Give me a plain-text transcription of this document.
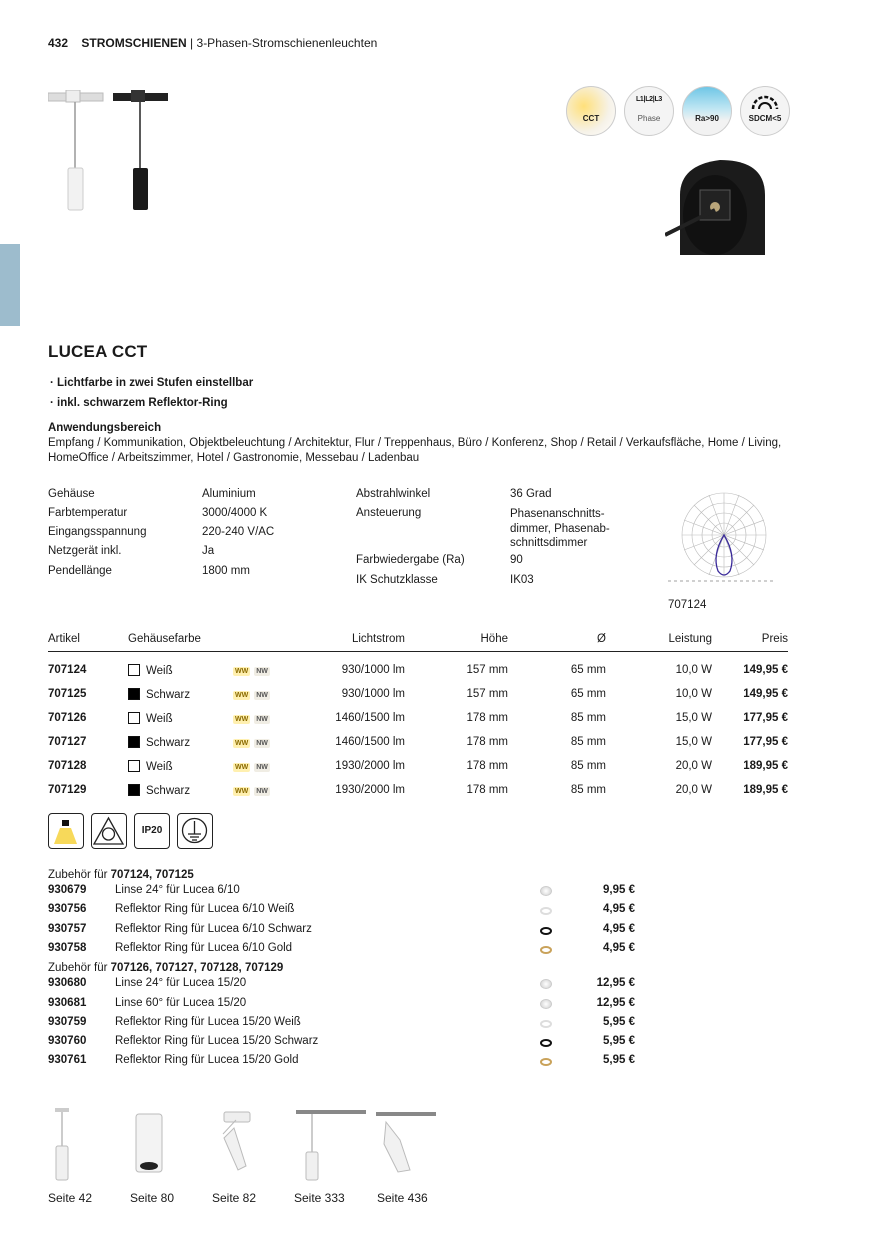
432 STROMSCHIENEN | 3-Phasen-Stromschienenleuchten
CCT
L1|L2|L3
Phase	Ra>90	SDCM<5
LUCEA CCT
· Lichtfarbe in zwei Stufen einstellbar
· inkl. schwarzem Reflektor-Ring
Anwendungsbereich
Empfang / Kommunikation, Objektbeleuchtung / Architektur, Flur / Treppenhaus, Büro / Konferenz, Shop / Retail / Verkaufsfläche, Home / Living, HomeOffice / Arbeitszimmer, Hotel / Gastronomie, Messebau / Ladenbau
Gehäuse	Aluminium
Farbtemperatur	3000/4000 K
Eingangsspannung	220-240 V/AC
Netzgerät inkl.	Ja
Pendellänge	1800 mm
Abstrahlwinkel	36 Grad
Ansteuerung	Phasenanschnitts-
dimmer, Phasenab-
schnittsdimmer
Farbwiedergabe (Ra)	90
IK Schutzklasse	IK03
707124
Artikel	Gehäusefarbe		Lichtstrom	Höhe	Ø	Leistung	Preis
707124	Weiß	WW NW	930/1000 lm	157 mm	65 mm	10,0 W	149,95 €
707125	Schwarz	WW NW	930/1000 lm	157 mm	65 mm	10,0 W	149,95 €
707126	Weiß	WW NW	1460/1500 lm	178 mm	85 mm	15,0 W	177,95 €
707127	Schwarz	WW NW	1460/1500 lm	178 mm	85 mm	15,0 W	177,95 €
707128	Weiß	WW NW	1930/2000 lm	178 mm	85 mm	20,0 W	189,95 €
707129	Schwarz	WW NW	1930/2000 lm	178 mm	85 mm	20,0 W	189,95 €
IP20
Zubehör für 707124, 707125
930679 Linse 24° für Lucea 6/10	9,95 €
930756 Reflektor Ring für Lucea 6/10 Weiß	4,95 €
930757 Reflektor Ring für Lucea 6/10 Schwarz	4,95 €
930758 Reflektor Ring für Lucea 6/10 Gold	4,95 €
Zubehör für 707126, 707127, 707128, 707129
930680 Linse 24° für Lucea 15/20	12,95 €
930681 Linse 60° für Lucea 15/20	12,95 €
930759 Reflektor Ring für Lucea 15/20 Weiß	5,95 €
930760 Reflektor Ring für Lucea 15/20 Schwarz	5,95 €
930761 Reflektor Ring für Lucea 15/20 Gold	5,95 €
Seite 42	Seite 80	Seite 82	Seite 333	Seite 436
